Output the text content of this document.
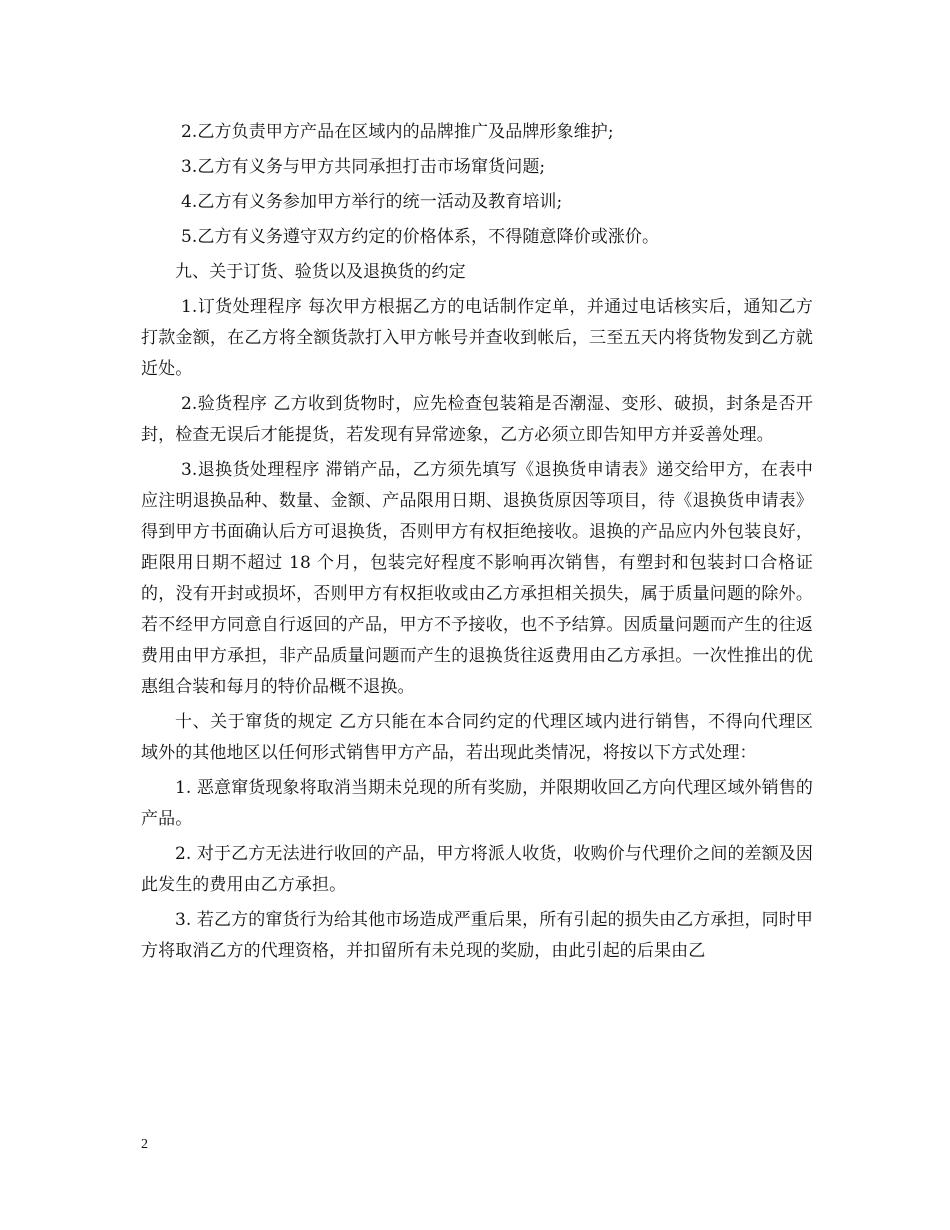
2.乙方负责甲方产品在区域内的品牌推广及品牌形象维护;

3.乙方有义务与甲方共同承担打击市场窜货问题;

4.乙方有义务参加甲方举行的统一活动及教育培训;

5.乙方有义务遵守双方约定的价格体系，不得随意降价或涨价。

九、关于订货、验货以及退换货的约定

1.订货处理程序 每次甲方根据乙方的电话制作定单，并通过电话核实后，通知乙方打款金额，在乙方将全额货款打入甲方帐号并查收到帐后，三至五天内将货物发到乙方就近处。

2.验货程序 乙方收到货物时，应先检查包装箱是否潮湿、变形、破损，封条是否开封，检查无误后才能提货，若发现有异常迹象，乙方必须立即告知甲方并妥善处理。

3.退换货处理程序 滞销产品，乙方须先填写《退换货申请表》递交给甲方，在表中应注明退换品种、数量、金额、产品限用日期、退换货原因等项目，待《退换货申请表》得到甲方书面确认后方可退换货，否则甲方有权拒绝接收。退换的产品应内外包装良好，距限用日期不超过 18 个月，包装完好程度不影响再次销售，有塑封和包装封口合格证的，没有开封或损坏，否则甲方有权拒收或由乙方承担相关损失，属于质量问题的除外。若不经甲方同意自行返回的产品，甲方不予接收，也不予结算。因质量问题而产生的往返费用由甲方承担，非产品质量问题而产生的退换货往返费用由乙方承担。一次性推出的优惠组合装和每月的特价品概不退换。

十、关于窜货的规定 乙方只能在本合同约定的代理区域内进行销售，不得向代理区域外的其他地区以任何形式销售甲方产品，若出现此类情况，将按以下方式处理：

1. 恶意窜货现象将取消当期未兑现的所有奖励，并限期收回乙方向代理区域外销售的产品。

2. 对于乙方无法进行收回的产品，甲方将派人收货，收购价与代理价之间的差额及因此发生的费用由乙方承担。

3. 若乙方的窜货行为给其他市场造成严重后果，所有引起的损失由乙方承担，同时甲方将取消乙方的代理资格，并扣留所有未兑现的奖励，由此引起的后果由乙

2
